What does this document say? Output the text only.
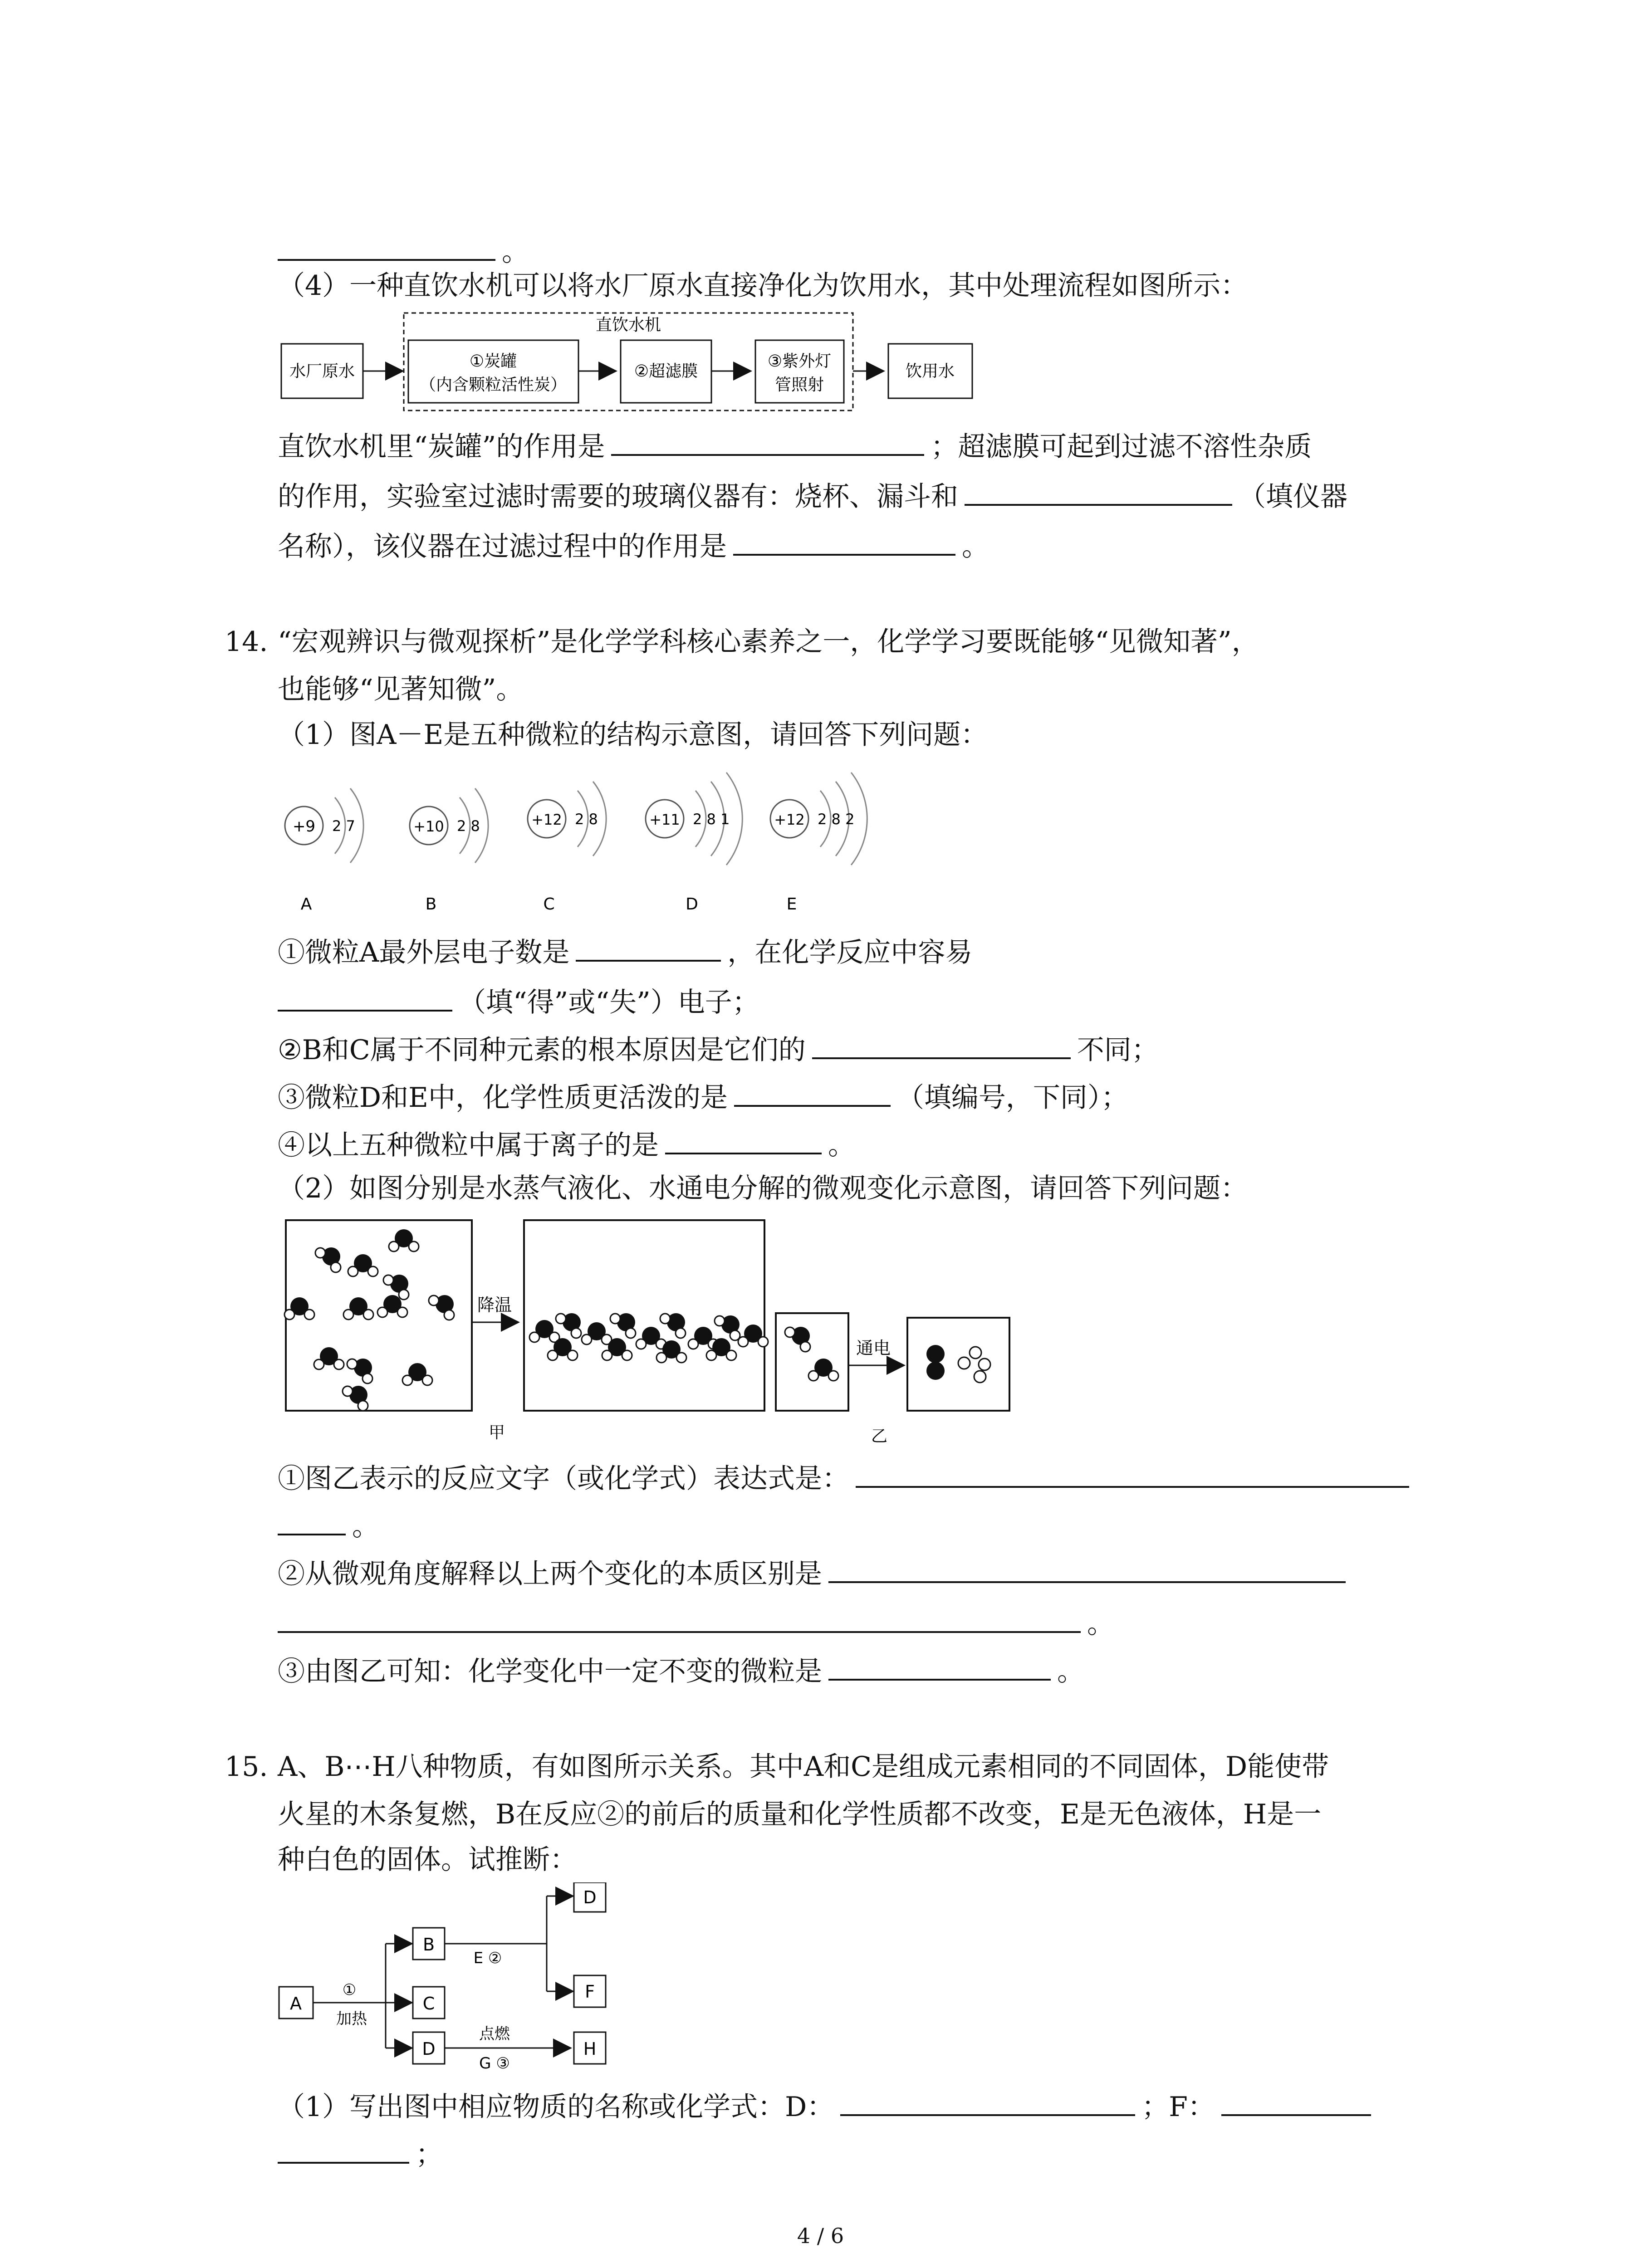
。
（4）一种直饮水机可以将水厂原水直接净化为饮用水，其中处理流程如图所示：
直饮水机
水厂原水
①炭罐
（内含颗粒活性炭）
②超滤膜
③紫外灯
管照射
饮用水
直饮水机里“炭罐”的作用是	；超滤膜可起到过滤不溶性杂质
的作用，实验室过滤时需要的玻璃仪器有：烧杯、漏斗和	（填仪器
名称），该仪器在过滤过程中的作用是	。
14. “宏观辨识与微观探析”是化学学科核心素养之一，化学学习要既能够“见微知著”，
也能够“见著知微”。
（1）图A－E是五种微粒的结构示意图，请回答下列问题：
+9 2 7
A
+10 2 8
B
+12 2 8
C
+11 2 8 1
D
+12 2 8 2
E
①微粒A最外层电子数是	，在化学反应中容易
（填“得”或“失”）电子；
②B和C属于不同种元素的根本原因是它们的	不同；
③微粒D和E中，化学性质更活泼的是	（填编号，下同）；
④以上五种微粒中属于离子的是	。
（2）如图分别是水蒸气液化、水通电分解的微观变化示意图，请回答下列问题：
降温
甲
通电
乙
①图乙表示的反应文字（或化学式）表达式是：
。
②从微观角度解释以上两个变化的本质区别是
。
③由图乙可知：化学变化中一定不变的微粒是	。
15. A、B⋯H八种物质，有如图所示关系。其中A和C是组成元素相同的不同固体，D能使带
火星的木条复燃，B在反应②的前后的质量和化学性质都不改变，E是无色液体，H是一
种白色的固体。试推断：
A
①
加热
B
C
D
E ②
D
F
点燃
G ③
H
（1）写出图中相应物质的名称或化学式：D：	；F：
；
4 / 6
